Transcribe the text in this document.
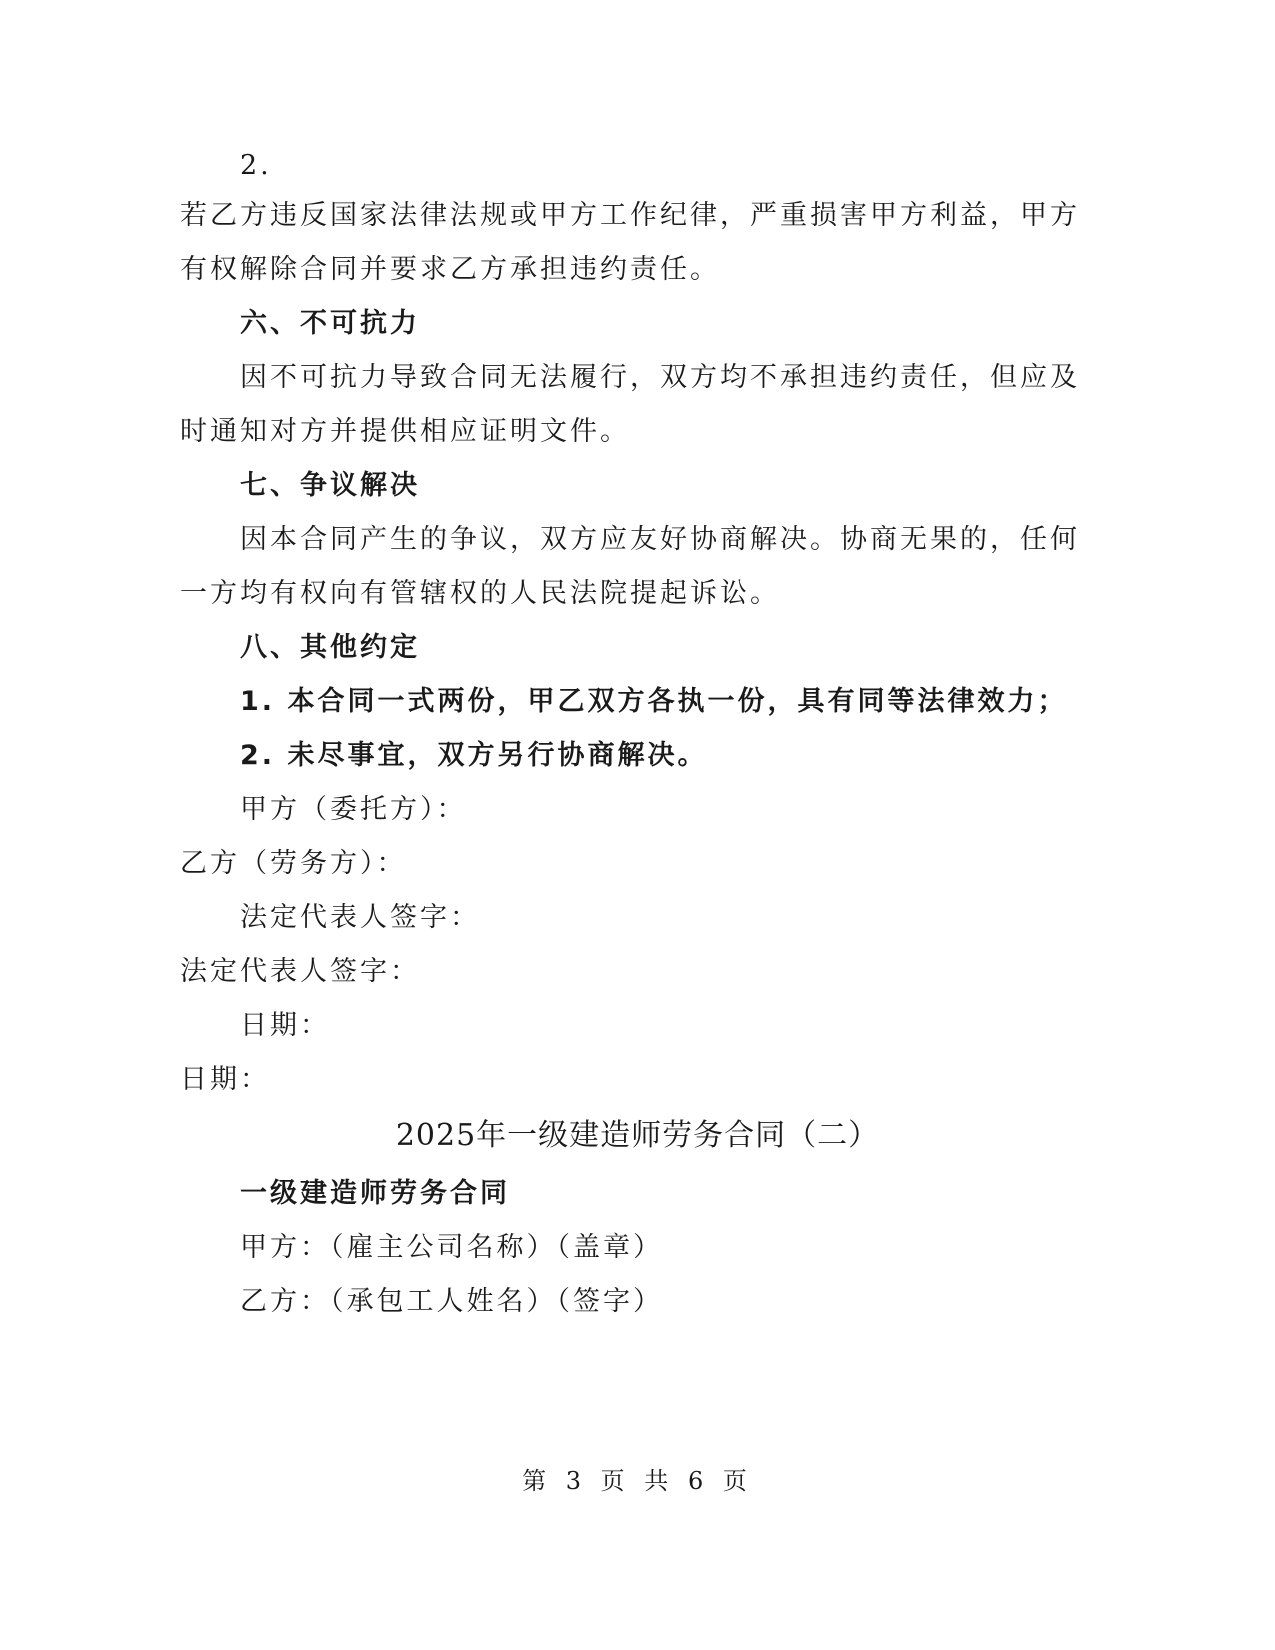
2.
若乙方违反国家法律法规或甲方工作纪律，严重损害甲方利益，甲方
有权解除合同并要求乙方承担违约责任。
六、不可抗力
因不可抗力导致合同无法履行，双方均不承担违约责任，但应及
时通知对方并提供相应证明文件。
七、争议解决
因本合同产生的争议，双方应友好协商解决。协商无果的，任何
一方均有权向有管辖权的人民法院提起诉讼。
八、其他约定
1. 本合同一式两份，甲乙双方各执一份，具有同等法律效力；
2. 未尽事宜，双方另行协商解决。
甲方（委托方）：
乙方（劳务方）：
法定代表人签字：
法定代表人签字：
日期：
日期：
2025年一级建造师劳务合同（二）
一级建造师劳务合同
甲方：（雇主公司名称）（盖章）
乙方：（承包工人姓名）（签字）
第 3 页 共 6 页
